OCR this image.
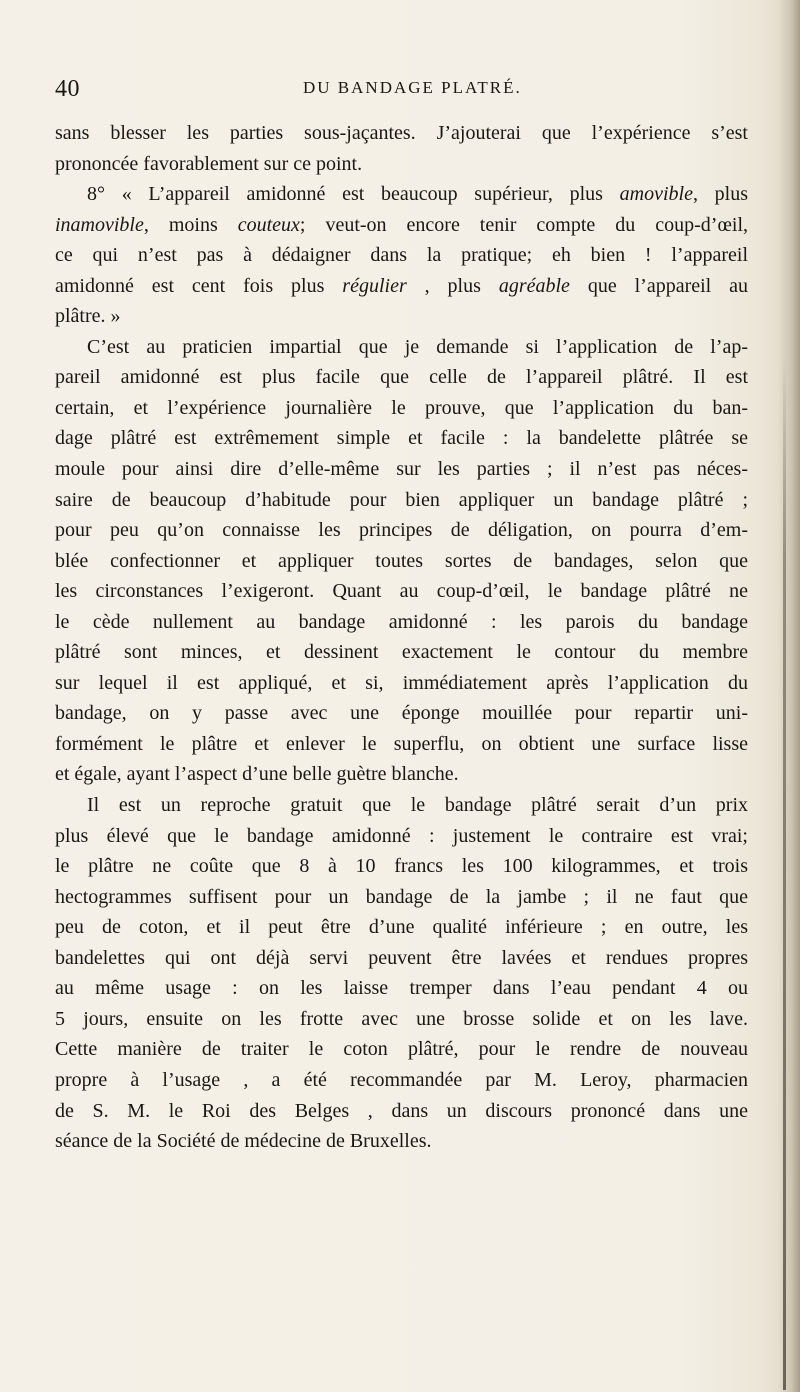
40	DU BANDAGE PLATRÉ.
sans blesser les parties sous-jaçantes. J’ajouterai que l’expérience s’est
prononcée favorablement sur ce point.
8° « L’appareil amidonné est beaucoup supérieur, plus amovible, plus
inamovible, moins couteux; veut-on encore tenir compte du coup-d’œil,
ce qui n’est pas à dédaigner dans la pratique; eh bien ! l’appareil
amidonné est cent fois plus régulier , plus agréable que l’appareil au
plâtre. »
C’est au praticien impartial que je demande si l’application de l’ap-
pareil amidonné est plus facile que celle de l’appareil plâtré. Il est
certain, et l’expérience journalière le prouve, que l’application du ban-
dage plâtré est extrêmement simple et facile : la bandelette plâtrée se
moule pour ainsi dire d’elle-même sur les parties ; il n’est pas néces-
saire de beaucoup d’habitude pour bien appliquer un bandage plâtré ;
pour peu qu’on connaisse les principes de déligation, on pourra d’em-
blée confectionner et appliquer toutes sortes de bandages, selon que
les circonstances l’exigeront. Quant au coup-d’œil, le bandage plâtré ne
le cède nullement au bandage amidonné : les parois du bandage
plâtré sont minces, et dessinent exactement le contour du membre
sur lequel il est appliqué, et si, immédiatement après l’application du
bandage, on y passe avec une éponge mouillée pour repartir uni-
formément le plâtre et enlever le superflu, on obtient une surface lisse
et égale, ayant l’aspect d’une belle guètre blanche.
Il est un reproche gratuit que le bandage plâtré serait d’un prix
plus élevé que le bandage amidonné : justement le contraire est vrai;
le plâtre ne coûte que 8 à 10 francs les 100 kilogrammes, et trois
hectogrammes suffisent pour un bandage de la jambe ; il ne faut que
peu de coton, et il peut être d’une qualité inférieure ; en outre, les
bandelettes qui ont déjà servi peuvent être lavées et rendues propres
au même usage : on les laisse tremper dans l’eau pendant 4 ou
5 jours, ensuite on les frotte avec une brosse solide et on les lave.
Cette manière de traiter le coton plâtré, pour le rendre de nouveau
propre à l’usage , a été recommandée par M. Leroy, pharmacien
de S. M. le Roi des Belges , dans un discours prononcé dans une
séance de la Société de médecine de Bruxelles.
